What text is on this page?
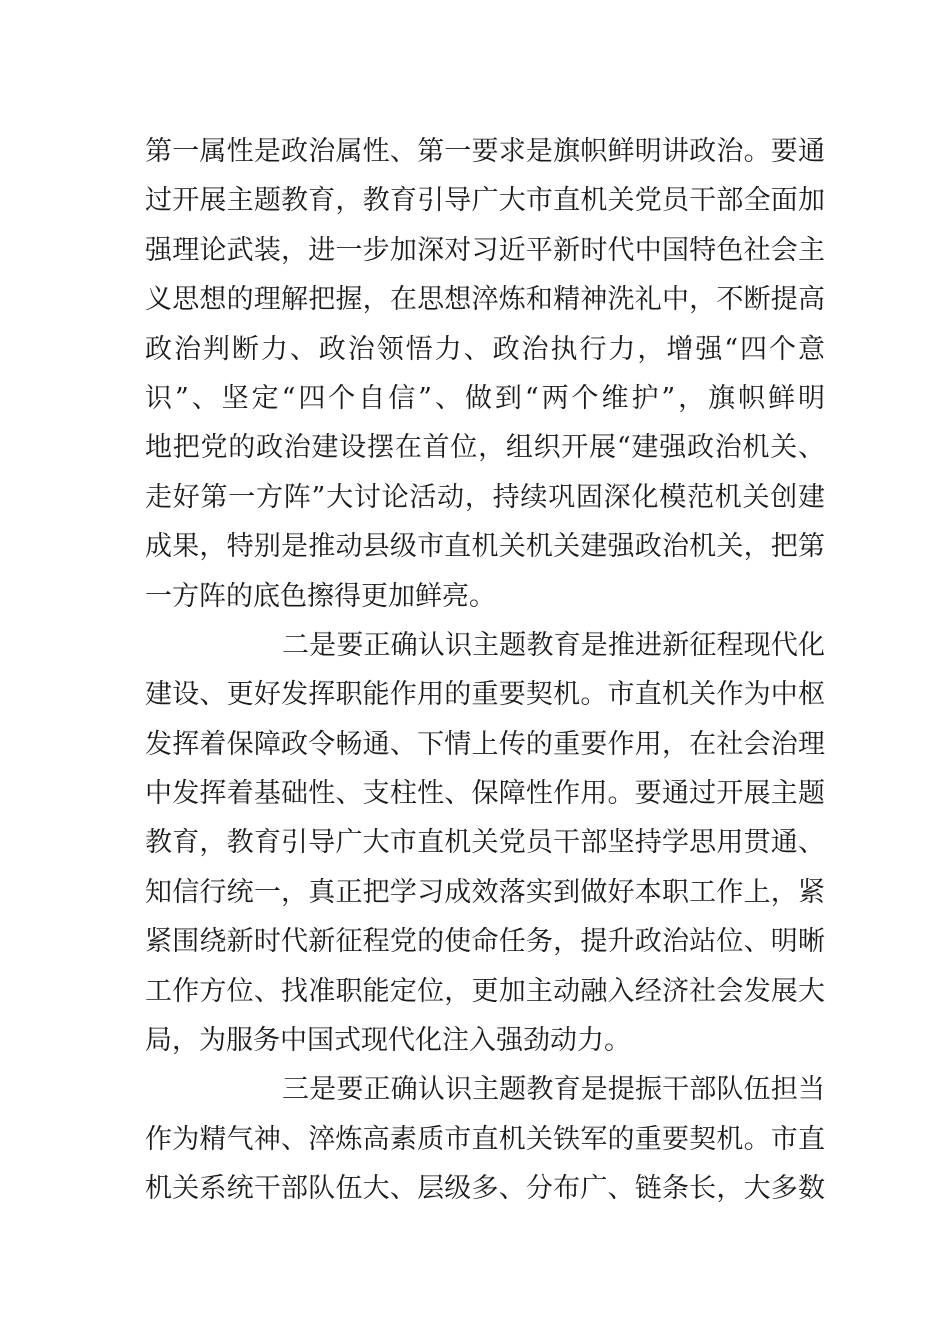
第一属性是政治属性、第一要求是旗帜鲜明讲政治。要通
过开展主题教育，教育引导广大市直机关党员干部全面加
强理论武装，进一步加深对习近平新时代中国特色社会主
义思想的理解把握，在思想淬炼和精神洗礼中，不断提高
政治判断力、政治领悟力、政治执行力，增强“四个意
识”、坚定“四个自信”、做到“两个维护”，旗帜鲜明
地把党的政治建设摆在首位，组织开展“建强政治机关、
走好第一方阵”大讨论活动，持续巩固深化模范机关创建
成果，特别是推动县级市直机关机关建强政治机关，把第
一方阵的底色擦得更加鲜亮。
二是要正确认识主题教育是推进新征程现代化
建设、更好发挥职能作用的重要契机。市直机关作为中枢
发挥着保障政令畅通、下情上传的重要作用，在社会治理
中发挥着基础性、支柱性、保障性作用。要通过开展主题
教育，教育引导广大市直机关党员干部坚持学思用贯通、
知信行统一，真正把学习成效落实到做好本职工作上，紧
紧围绕新时代新征程党的使命任务，提升政治站位、明晰
工作方位、找准职能定位，更加主动融入经济社会发展大
局，为服务中国式现代化注入强劲动力。
三是要正确认识主题教育是提振干部队伍担当
作为精气神、淬炼高素质市直机关铁军的重要契机。市直
机关系统干部队伍大、层级多、分布广、链条长，大多数
